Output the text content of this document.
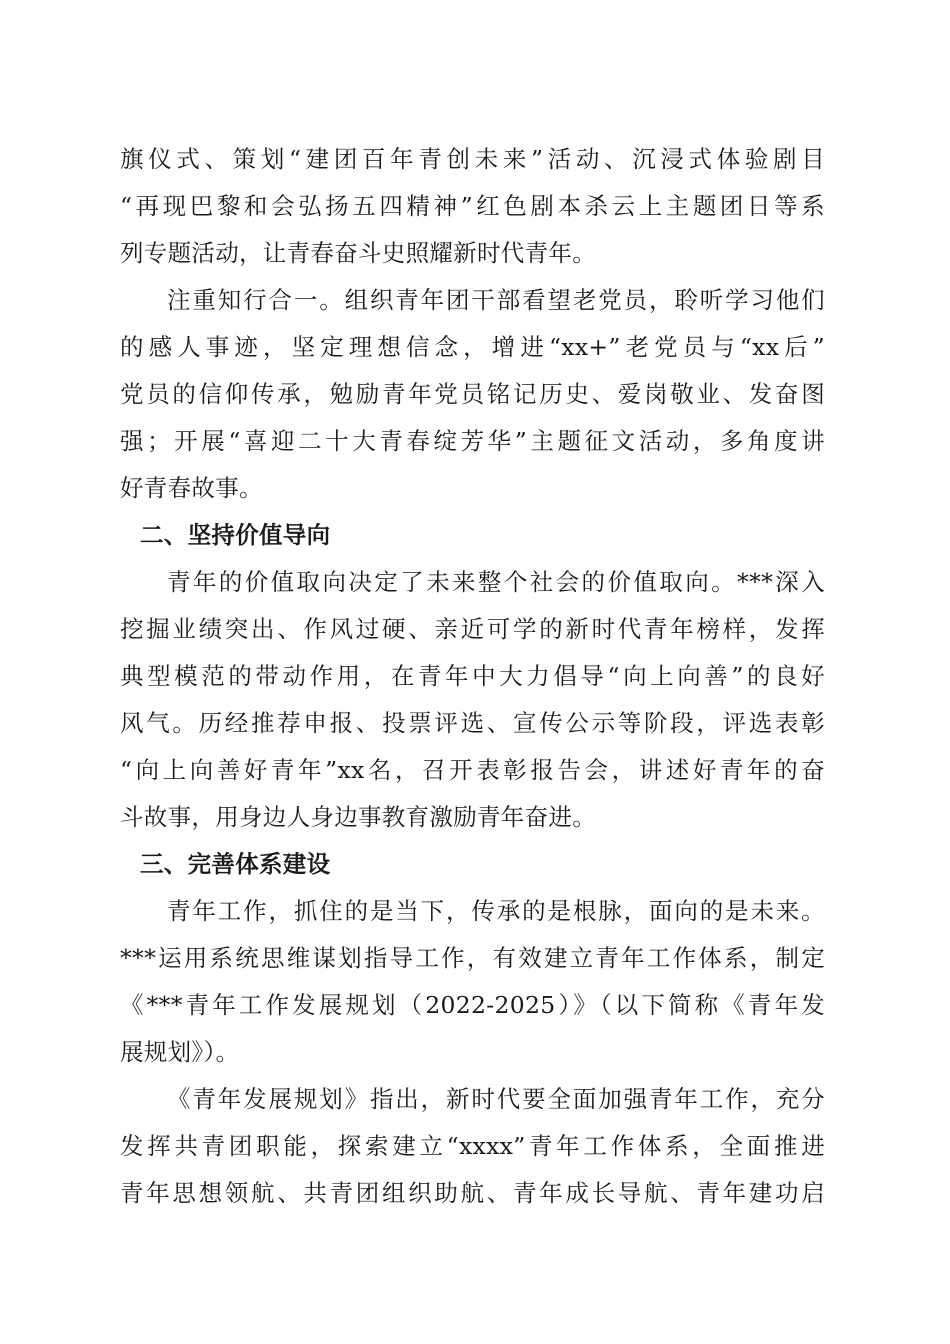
旗仪式、策划“建团百年青创未来”活动、沉浸式体验剧目
“再现巴黎和会弘扬五四精神”红色剧本杀云上主题团日等系
列专题活动，让青春奋斗史照耀新时代青年。
注重知行合一。组织青年团干部看望老党员，聆听学习他们
的感人事迹，坚定理想信念，增进“xx+”老党员与“xx后”
党员的信仰传承，勉励青年党员铭记历史、爱岗敬业、发奋图
强；开展“喜迎二十大青春绽芳华”主题征文活动，多角度讲
好青春故事。
二、坚持价值导向
青年的价值取向决定了未来整个社会的价值取向。***深入
挖掘业绩突出、作风过硬、亲近可学的新时代青年榜样，发挥
典型模范的带动作用，在青年中大力倡导“向上向善”的良好
风气。历经推荐申报、投票评选、宣传公示等阶段，评选表彰
“向上向善好青年”xx名，召开表彰报告会，讲述好青年的奋
斗故事，用身边人身边事教育激励青年奋进。
三、完善体系建设
青年工作，抓住的是当下，传承的是根脉，面向的是未来。
***运用系统思维谋划指导工作，有效建立青年工作体系，制定
《***青年工作发展规划（2022-2025）》（以下简称《青年发
展规划》）。
《青年发展规划》指出，新时代要全面加强青年工作，充分
发挥共青团职能，探索建立“xxxx”青年工作体系，全面推进
青年思想领航、共青团组织助航、青年成长导航、青年建功启
